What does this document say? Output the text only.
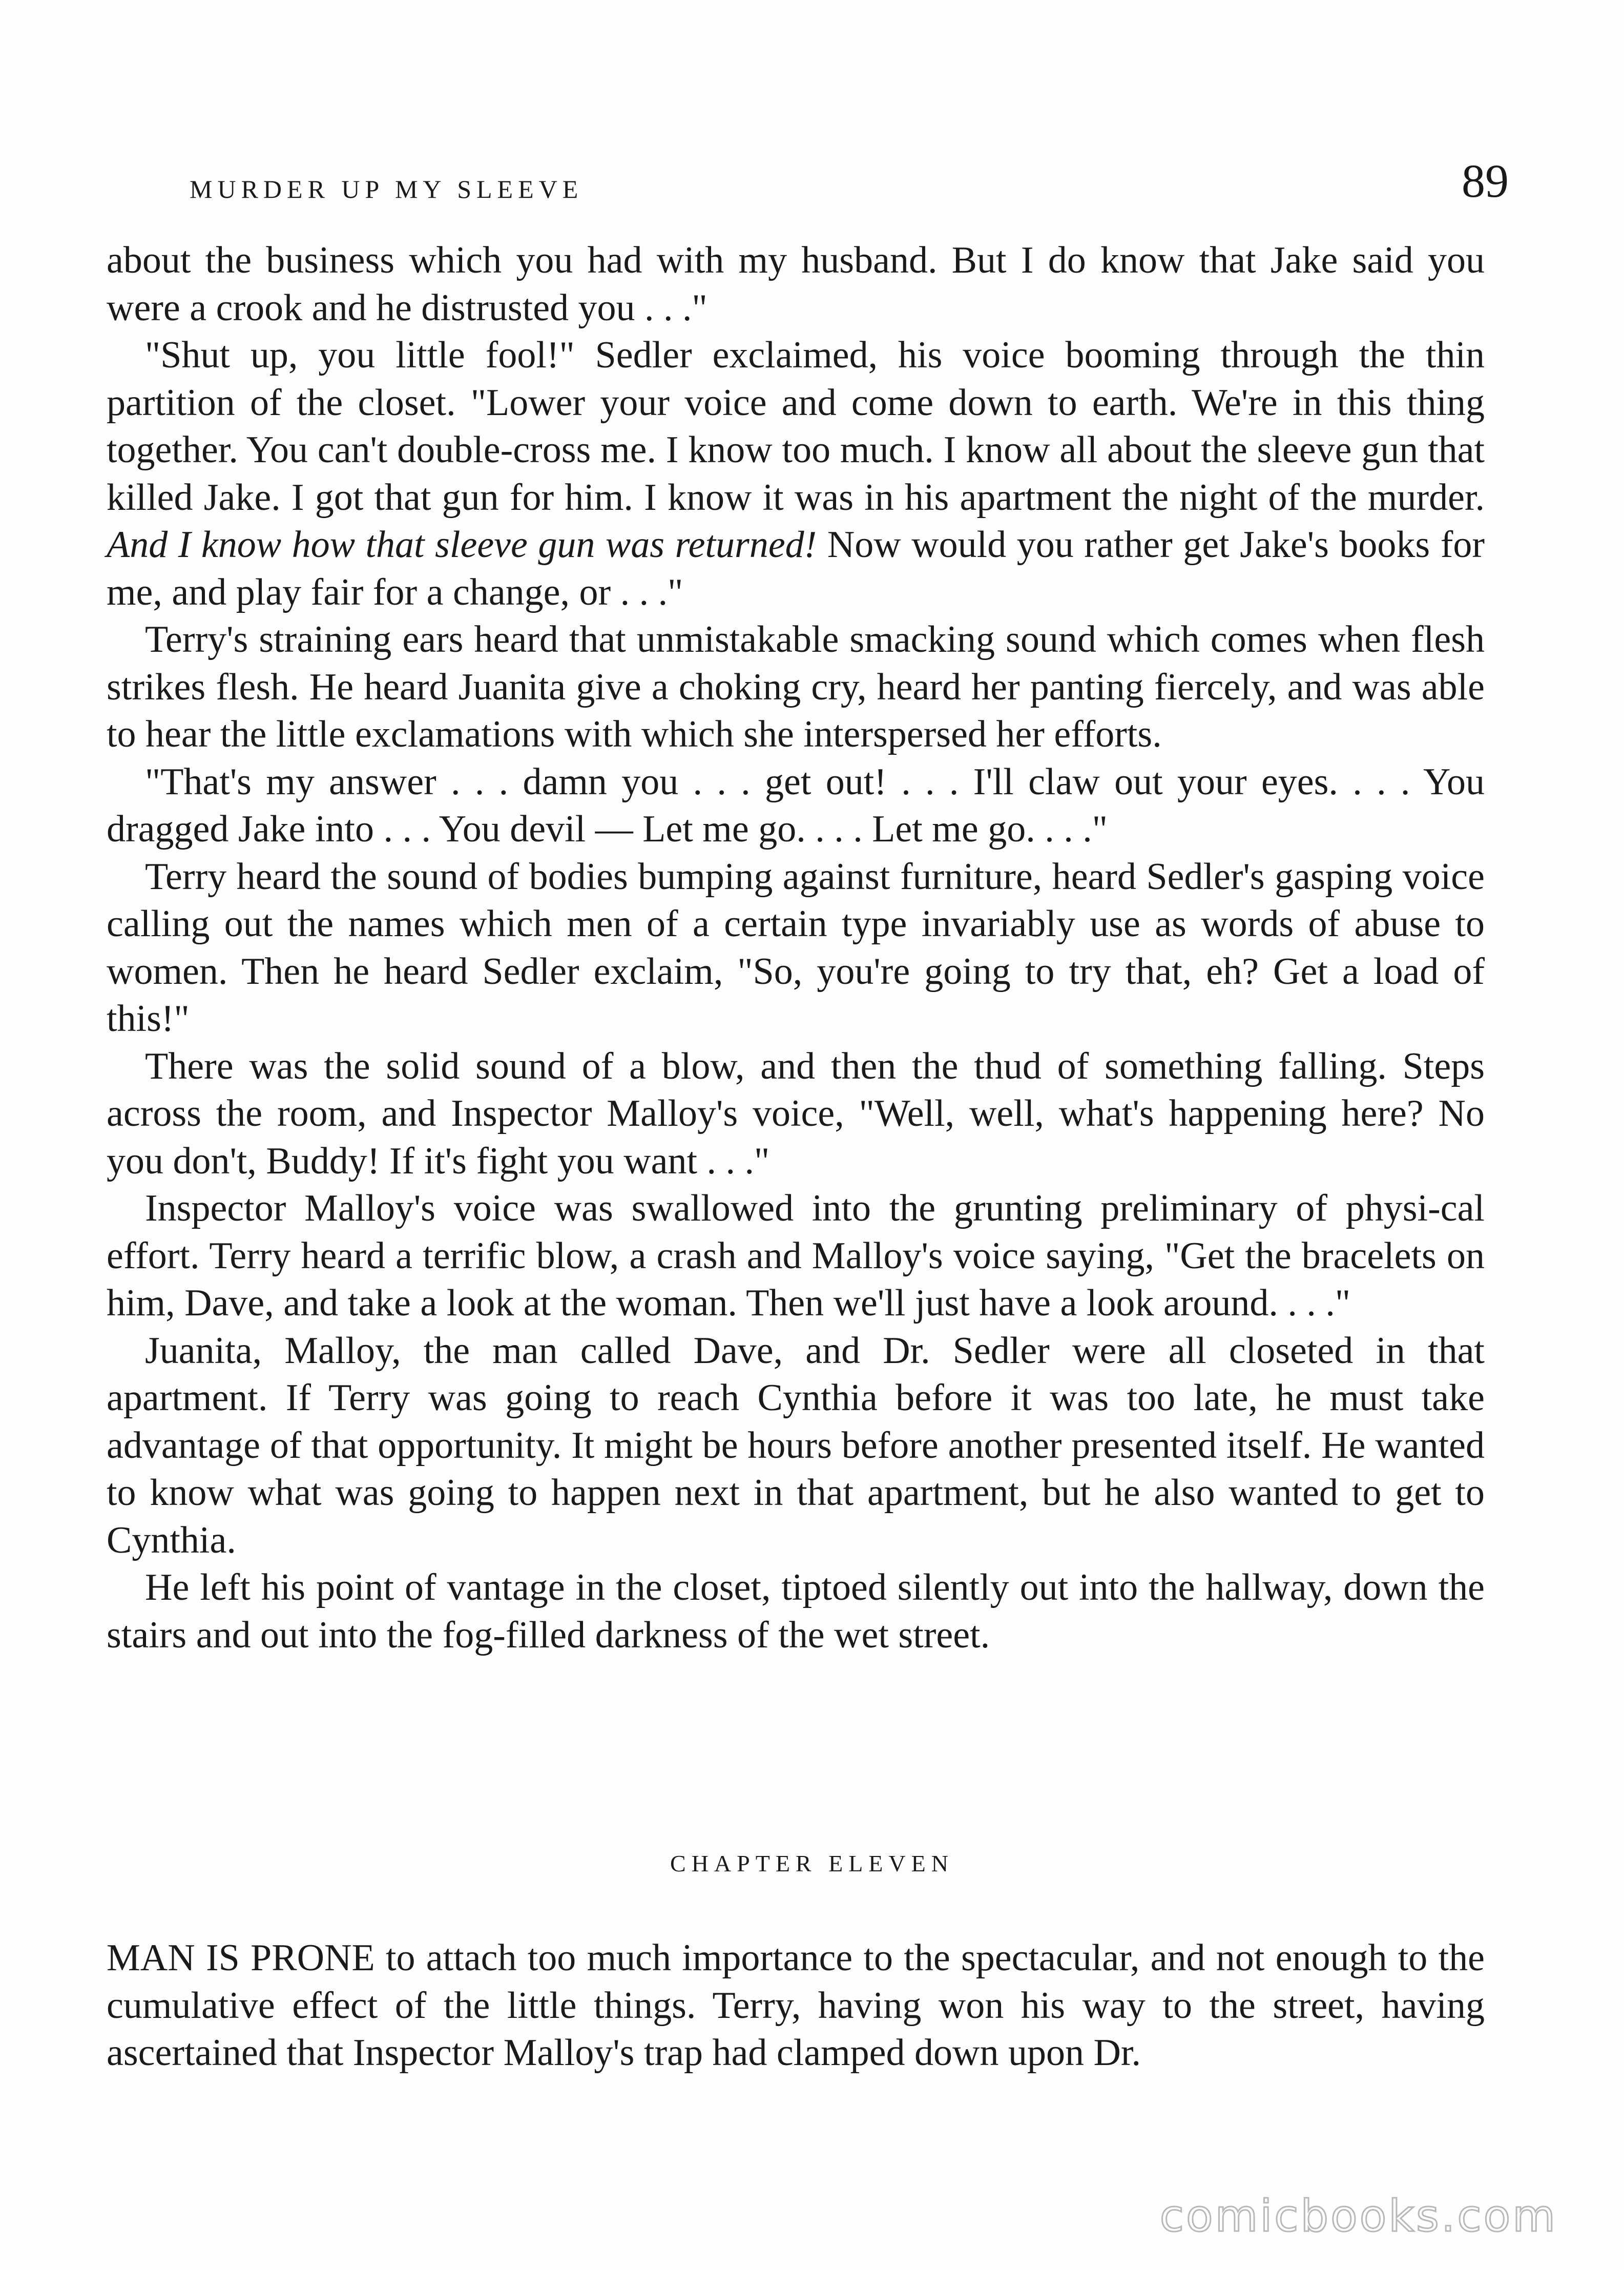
MURDER UP MY SLEEVE	89

about the business which you had with my husband. But I do know that Jake said you were a crook and he distrusted you . . ."

"Shut up, you little fool!" Sedler exclaimed, his voice booming through the thin partition of the closet. "Lower your voice and come down to earth. We're in this thing together. You can't double-cross me. I know too much. I know all about the sleeve gun that killed Jake. I got that gun for him. I know it was in his apartment the night of the murder. And I know how that sleeve gun was returned! Now would you rather get Jake's books for me, and play fair for a change, or . . ."

Terry's straining ears heard that unmistakable smacking sound which comes when flesh strikes flesh. He heard Juanita give a choking cry, heard her panting fiercely, and was able to hear the little exclamations with which she interspersed her efforts.

"That's my answer . . . damn you . . . get out! . . . I'll claw out your eyes. . . . You dragged Jake into . . . You devil — Let me go. . . . Let me go. . . ."

Terry heard the sound of bodies bumping against furniture, heard Sedler's gasping voice calling out the names which men of a certain type invariably use as words of abuse to women. Then he heard Sedler exclaim, "So, you're going to try that, eh? Get a load of this!"

There was the solid sound of a blow, and then the thud of something falling. Steps across the room, and Inspector Malloy's voice, "Well, well, what's happening here? No you don't, Buddy! If it's fight you want . . ."

Inspector Malloy's voice was swallowed into the grunting preliminary of physi-cal effort. Terry heard a terrific blow, a crash and Malloy's voice saying, "Get the bracelets on him, Dave, and take a look at the woman. Then we'll just have a look around. . . ."

Juanita, Malloy, the man called Dave, and Dr. Sedler were all closeted in that apartment. If Terry was going to reach Cynthia before it was too late, he must take advantage of that opportunity. It might be hours before another presented itself. He wanted to know what was going to happen next in that apartment, but he also wanted to get to Cynthia.

He left his point of vantage in the closet, tiptoed silently out into the hallway, down the stairs and out into the fog-filled darkness of the wet street.

CHAPTER ELEVEN

MAN IS PRONE to attach too much importance to the spectacular, and not enough to the cumulative effect of the little things. Terry, having won his way to the street, having ascertained that Inspector Malloy's trap had clamped down upon Dr.

comicbooks.com
